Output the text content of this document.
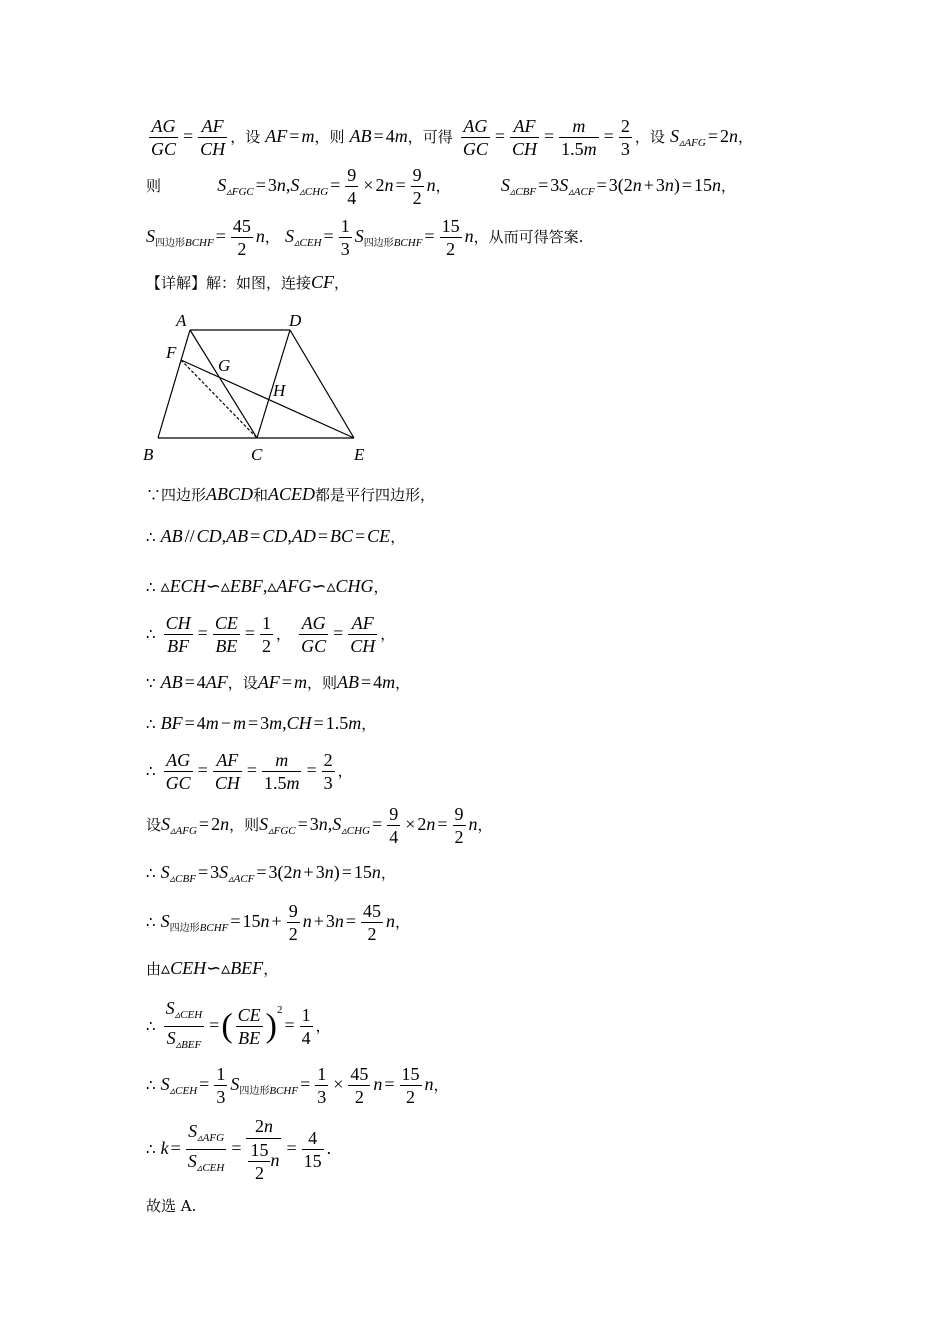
$\frac{AG}{GC} = \frac{AF}{CH}$ ，设 AF = m，则 AB = 4m，可得 $\frac{AG}{GC} = \frac{AF}{CH} = \frac{m}{1.5m} = \frac{2}{3}$ ，设 $S_{▵AFG} = 2n$，
则	$S_{▵FGC} = 3n,S_{▵CHG} = \frac{9}{4} \times 2n = \frac{9}{2}$ n，	$S_{▵CBF} = 3S_{▵ACF} = 3(2n + 3n) = 15n$，
$S_{四边形BCHF} = \frac{45}{2}$ n， $S_{▵CEH} = \frac{1}{3} S_{四边形BCHF} = \frac{15}{2}$ n，从而可得答案.
【详解】解：如图，连接CF，
A	D
F
G
H
B	C	E
∵四边形ABCD和ACED都是平行四边形，
∴ AB // CD,AB = CD,AD = BC = CE，
∴ ▵ECH∽▵EBF,▵AFG∽▵CHG，
∴ $\frac{CH}{BF} = \frac{CE}{BE} = \frac{1}{2}$ ， $\frac{AG}{GC} = \frac{AF}{CH}$ ，
∵ AB = 4AF，设AF = m，则AB = 4m，
∴ BF = 4m − m = 3m,CH = 1.5m，
∴ $\frac{AG}{GC} = \frac{AF}{CH} = \frac{m}{1.5m} = \frac{2}{3}$ ，
设$S_{▵AFG} = 2n$，则$S_{▵FGC} = 3n,S_{▵CHG} = \frac{9}{4} \times 2n = \frac{9}{2}$ n，
∴ $S_{▵CBF} = 3S_{▵ACF} = 3(2n + 3n) = 15n$，
∴ $S_{四边形BCHF} = 15n + \frac{9}{2}$ $n + 3n = \frac{45}{2}$ n，
由▵CEH∽▵BEF，
∴ $\frac{S_{▵CEH}}{S_{▵BEF}}$ =( $\frac{CE}{BE} )^2= \frac{1}{4}$ ，
∴ $S_{▵CEH} = \frac{1}{3} S_{四边形BCHF} = \frac{1}{3} \times \frac{45}{2}$ $n = \frac{15}{2}$ n，
∴ $k = \frac{S_{▵AFG}}{S_{▵CEH}} = \frac{2n}{\frac{15}{2} n} = \frac{4}{15}$ .
故选 A.
